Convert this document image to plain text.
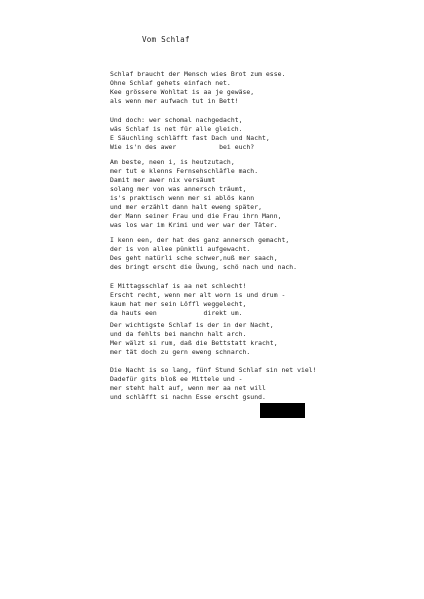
Vom Schlaf
Schlaf braucht der Mensch wies Brot zum esse.
Ohne Schlaf gehets einfach net.
Kee grössere Wohltat is aa je gewäse,
als wenn mer aufwach tut in Bett!
Und doch: wer schomal nachgedacht,
wäs Schlaf is net für alle gleich.
E Säuchling schläfft fast Dach und Nacht,
Wie is'n des awer           bei euch?
Am beste, neen i, is heutzutach,
mer tut e klenns Fernsehschläfle mach.
Damit mer awer nix versäumt
solang mer von was annersch träumt,
is's praktisch wenn mer si ablös kann
und mer erzählt dann halt eweng später,
der Mann seiner Frau und die Frau ihrn Mann,
was los war im Krimi und wer war der Täter.
I kenn een, der hat des ganz annersch gemacht,
der is von allee pünktli aufgewacht.
Des geht natürli sche schwer,nuß mer saach,
des bringt erscht die Üwung, schö nach und nach.
E Mittagsschlaf is aa net schlecht!
Erscht recht, wenn mer alt worn is und drum -
kaum hat mer sein Löffl weggelecht,
da hauts een            direkt um.
Der wichtigste Schlaf is der in der Nacht,
und da fehlts bei manchn halt arch.
Mer wälzt si rum, daß die Bettstatt kracht,
mer tät doch zu gern eweng schnarch.
Die Nacht is so lang, fünf Stund Schlaf sin net viel!
Dadefür gits bloß ee Mittele und -
mer steht halt auf, wenn mer aa net will
und schläfft si nachn Esse erscht gsund.
